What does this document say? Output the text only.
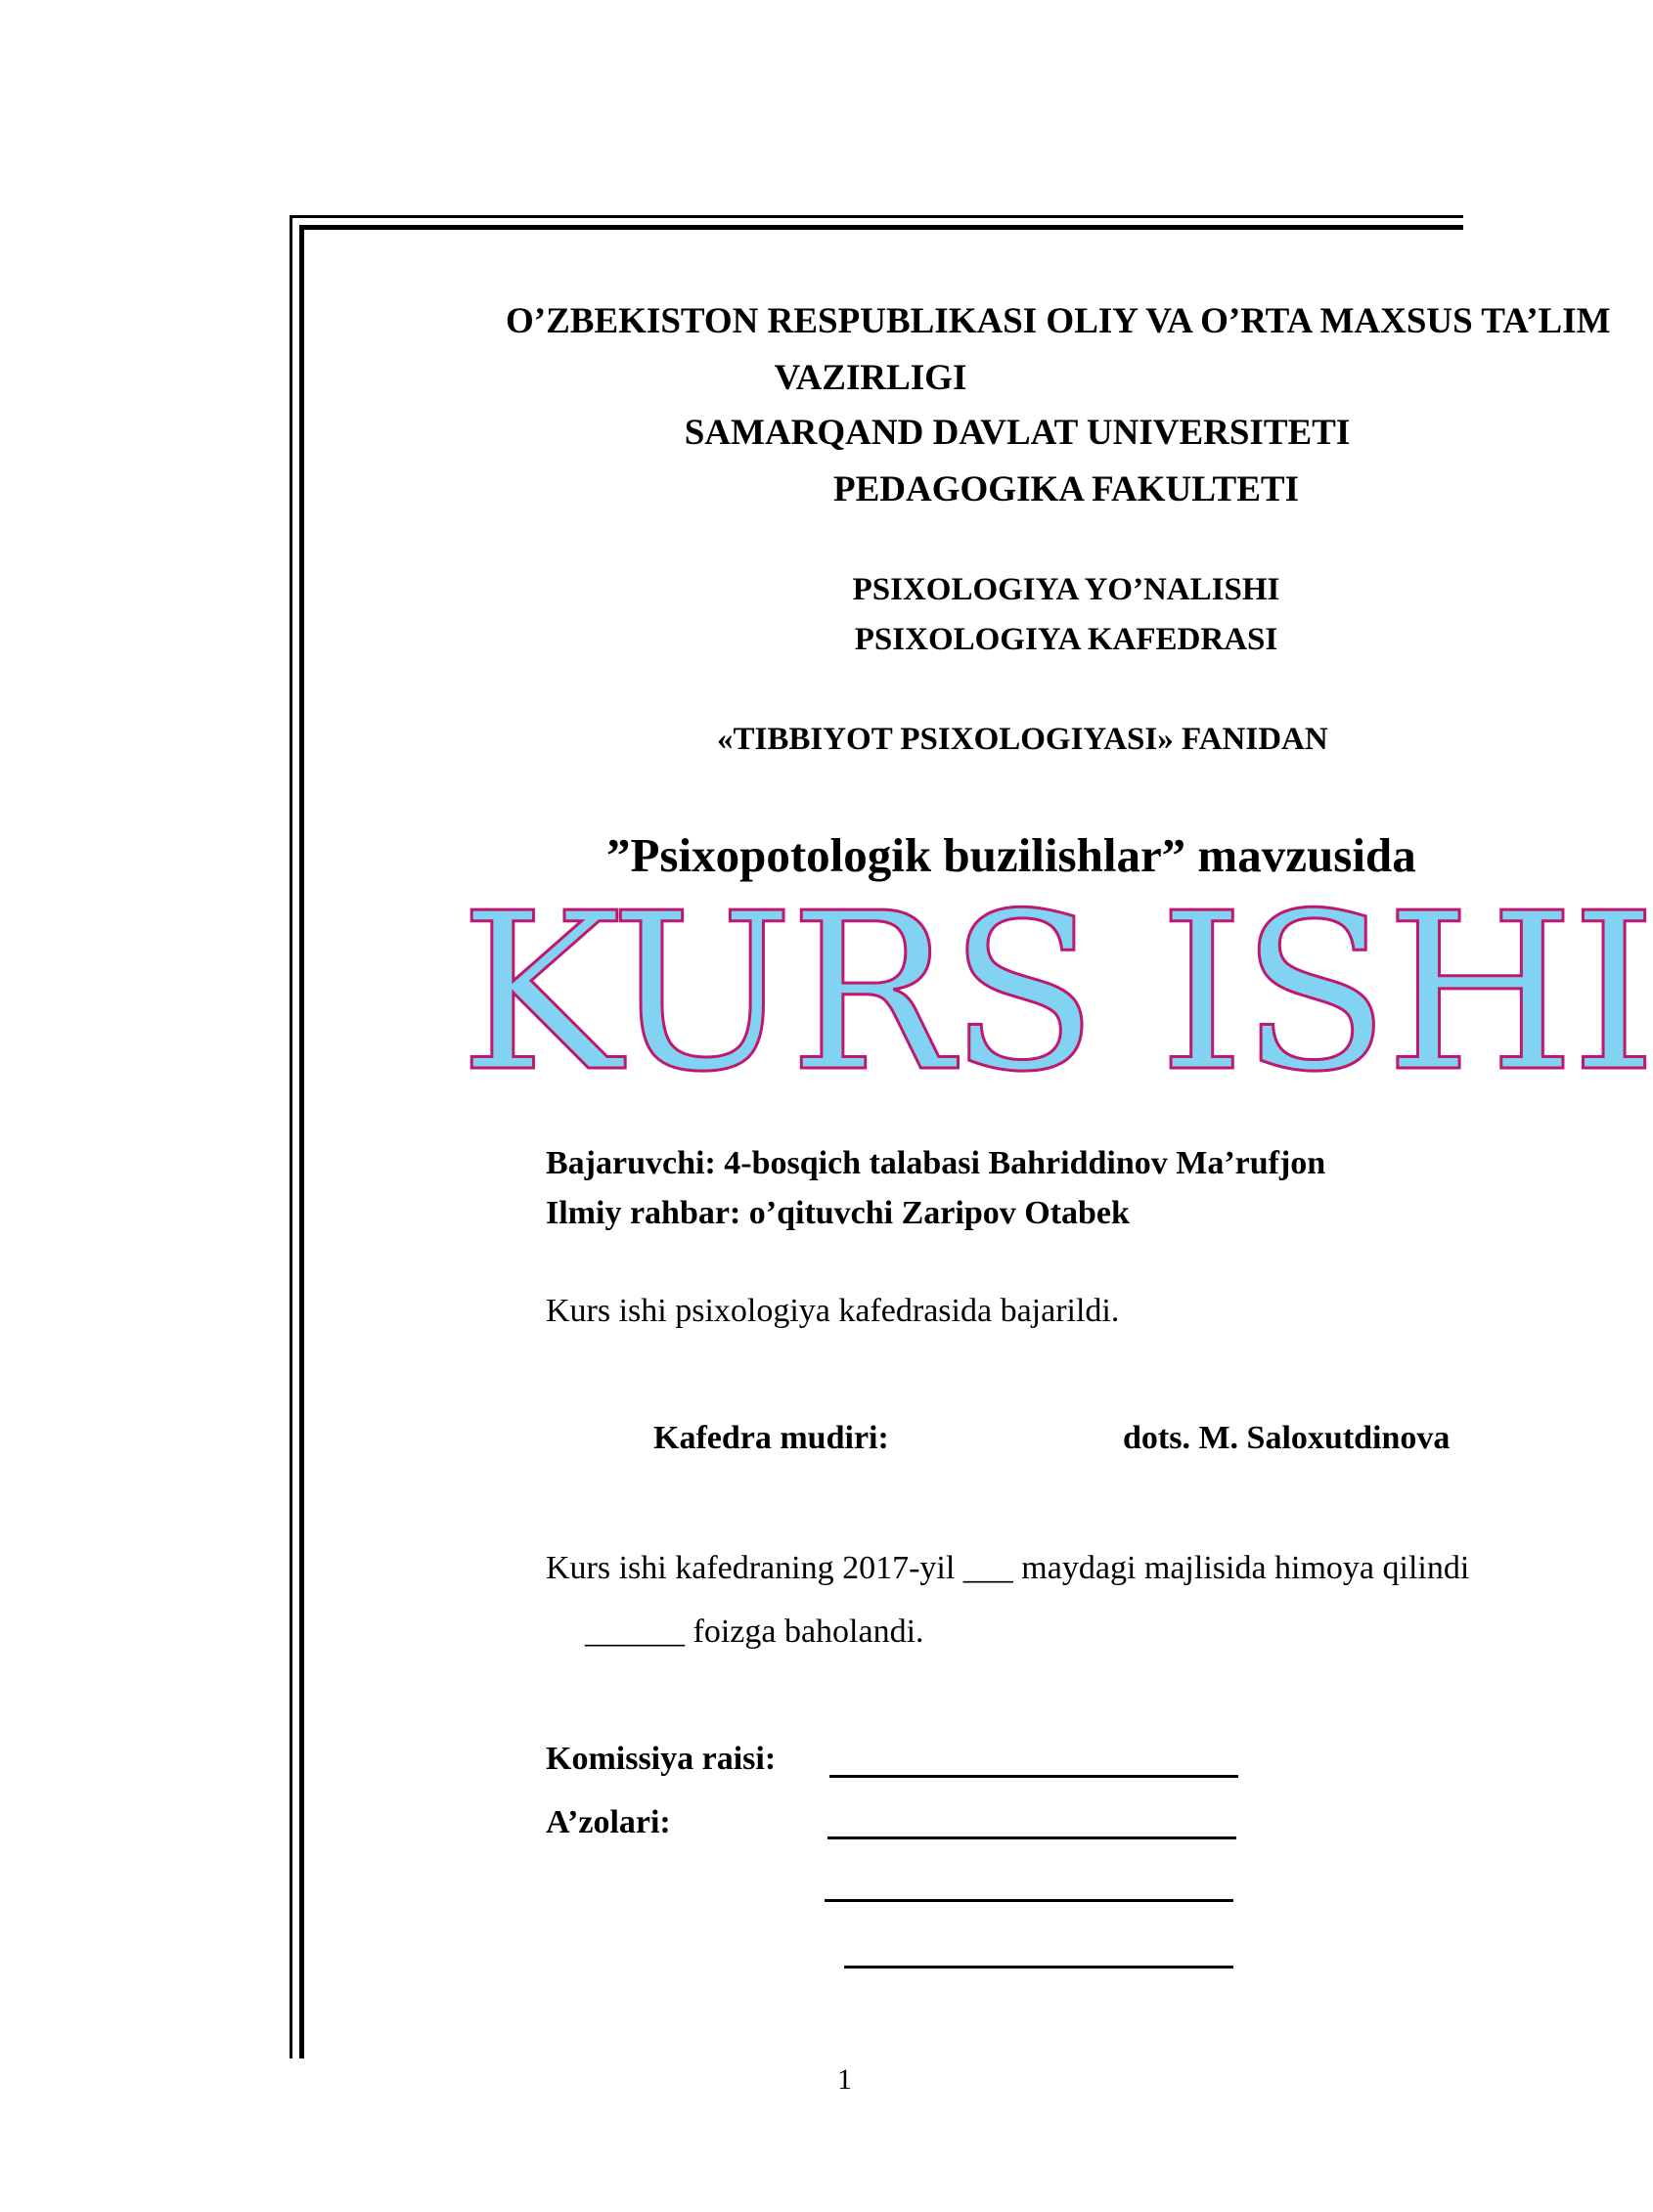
O’ZBEKISTON RESPUBLIKASI OLIY VA O’RTA MAXSUS TA’LIM
VAZIRLIGI
SAMARQAND DAVLAT UNIVERSITETI
PEDAGOGIKA FAKULTETI
PSIXOLOGIYA YO’NALISHI
PSIXOLOGIYA KAFEDRASI
«TIBBIYOT PSIXOLOGIYASI» FANIDAN
”Psixopotologik buzilishlar” mavzusida
KURS ISHI
Bajaruvchi: 4-bosqich talabasi Bahriddinov Ma’rufjon
Ilmiy rahbar: o’qituvchi Zaripov Otabek
Kurs ishi psixologiya kafedrasida bajarildi.
Kafedra mudiri:	dots. M. Saloxutdinova
Kurs ishi kafedraning 2017-yil ___ maydagi majlisida himoya qilindi
______ foizga baholandi.
Komissiya raisi:
A’zolari:
1
